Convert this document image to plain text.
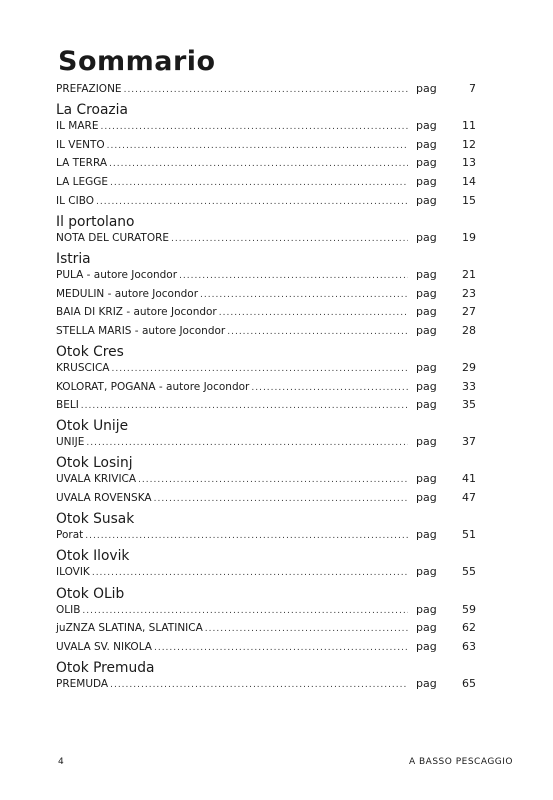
Sommario
PREFAZIONE .....	pag	7
La Croazia
IL MARE .....	pag	11
IL VENTO .....	pag	12
LA TERRA .....	pag	13
LA LEGGE .....	pag	14
IL CIBO .....	pag	15
Il portolano
NOTA DEL CURATORE .....	pag	19
Istria
PULA - autore Jocondor .....	pag	21
MEDULIN - autore Jocondor .....	pag	23
BAIA DI KRIZ - autore Jocondor .....	pag	27
STELLA MARIS - autore Jocondor .....	pag	28
Otok Cres
KRUSCICA .....	pag	29
KOLORAT, POGANA - autore Jocondor .....	pag	33
BELI .....	pag	35
Otok Unije
UNIJE .....	pag	37
Otok Losinj
UVALA KRIVICA .....	pag	41
UVALA ROVENSKA .....	pag	47
Otok Susak
Porat .....	pag	51
Otok Ilovik
ILOVIK .....	pag	55
Otok OLib
OLIB .....	pag	59
juZNZA SLATINA, SLATINICA .....	pag	62
UVALA SV. NIKOLA .....	pag	63
Otok Premuda
PREMUDA .....	pag	65
4	A BASSO PESCAGGIO
